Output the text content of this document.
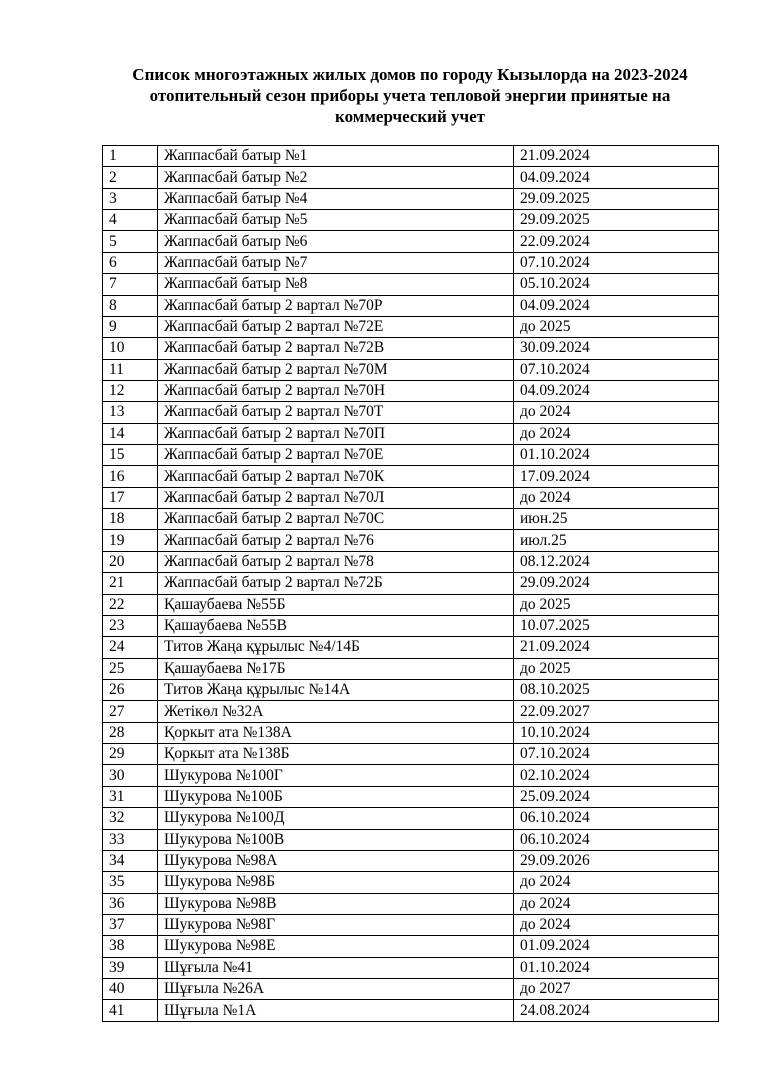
Список многоэтажных жилых домов по городу Кызылорда на 2023-2024
отопительный сезон приборы учета тепловой энергии принятые на
коммерческий учет
1	Жаппасбай батыр №1	21.09.2024
2	Жаппасбай батыр №2	04.09.2024
3	Жаппасбай батыр №4	29.09.2025
4	Жаппасбай батыр №5	29.09.2025
5	Жаппасбай батыр №6	22.09.2024
6	Жаппасбай батыр №7	07.10.2024
7	Жаппасбай батыр №8	05.10.2024
8	Жаппасбай батыр 2 вартал №70Р	04.09.2024
9	Жаппасбай батыр 2 вартал №72Е	до 2025
10	Жаппасбай батыр 2 вартал №72В	30.09.2024
11	Жаппасбай батыр 2 вартал №70М	07.10.2024
12	Жаппасбай батыр 2 вартал №70Н	04.09.2024
13	Жаппасбай батыр 2 вартал №70Т	до 2024
14	Жаппасбай батыр 2 вартал №70П	до 2024
15	Жаппасбай батыр 2 вартал №70Е	01.10.2024
16	Жаппасбай батыр 2 вартал №70К	17.09.2024
17	Жаппасбай батыр 2 вартал №70Л	до 2024
18	Жаппасбай батыр 2 вартал №70С	июн.25
19	Жаппасбай батыр 2 вартал №76	июл.25
20	Жаппасбай батыр 2 вартал №78	08.12.2024
21	Жаппасбай батыр 2 вартал №72Б	29.09.2024
22	Қашаубаева №55Б	до 2025
23	Қашаубаева №55В	10.07.2025
24	Титов Жаңа құрылыс №4/14Б	21.09.2024
25	Қашаубаева №17Б	до 2025
26	Титов Жаңа құрылыс №14А	08.10.2025
27	Жетікөл №32А	22.09.2027
28	Қоркыт ата №138А	10.10.2024
29	Қоркыт ата №138Б	07.10.2024
30	Шукурова №100Г	02.10.2024
31	Шукурова №100Б	25.09.2024
32	Шукурова №100Д	06.10.2024
33	Шукурова №100В	06.10.2024
34	Шукурова №98А	29.09.2026
35	Шукурова №98Б	до 2024
36	Шукурова №98В	до 2024
37	Шукурова №98Г	до 2024
38	Шукурова №98Е	01.09.2024
39	Шұғыла №41	01.10.2024
40	Шұғыла №26А	до 2027
41	Шұғыла №1А	24.08.2024
